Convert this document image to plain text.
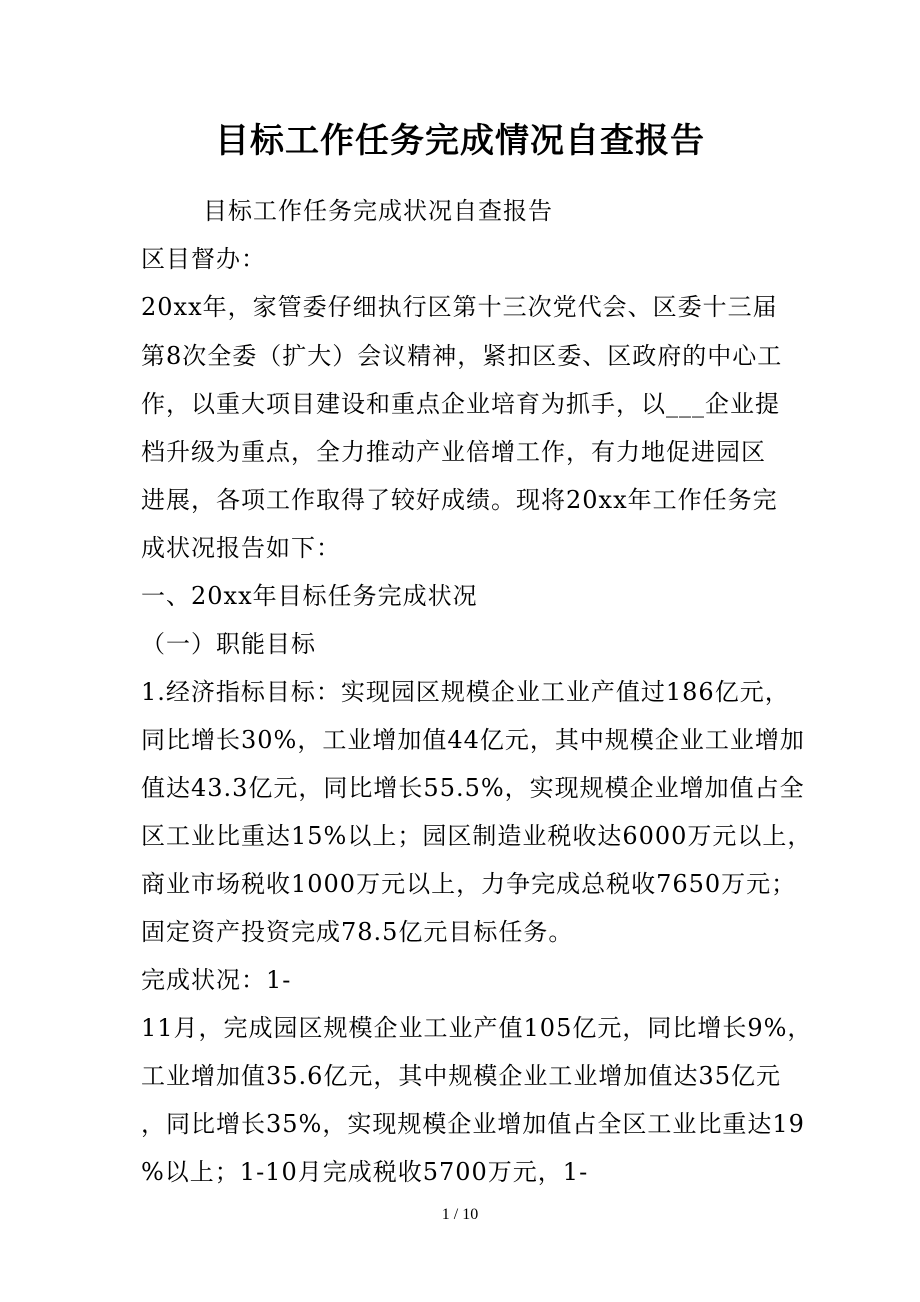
目标工作任务完成情况自查报告
目标工作任务完成状况自查报告
区目督办：
20xx年，家管委仔细执行区第十三次党代会、区委十三届
第8次全委（扩大）会议精神，紧扣区委、区政府的中心工
作，以重大项目建设和重点企业培育为抓手，以___企业提
档升级为重点，全力推动产业倍增工作，有力地促进园区
进展，各项工作取得了较好成绩。现将20xx年工作任务完
成状况报告如下：
一、20xx年目标任务完成状况
（一）职能目标
1.经济指标目标：实现园区规模企业工业产值过186亿元，
同比增长30%，工业增加值44亿元，其中规模企业工业增加
值达43.3亿元，同比增长55.5%，实现规模企业增加值占全
区工业比重达15%以上；园区制造业税收达6000万元以上，
商业市场税收1000万元以上，力争完成总税收7650万元；
固定资产投资完成78.5亿元目标任务。
完成状况：1-
11月，完成园区规模企业工业产值105亿元，同比增长9%，
工业增加值35.6亿元，其中规模企业工业增加值达35亿元
，同比增长35%，实现规模企业增加值占全区工业比重达19
%以上；1-10月完成税收5700万元，1-
1 / 10
